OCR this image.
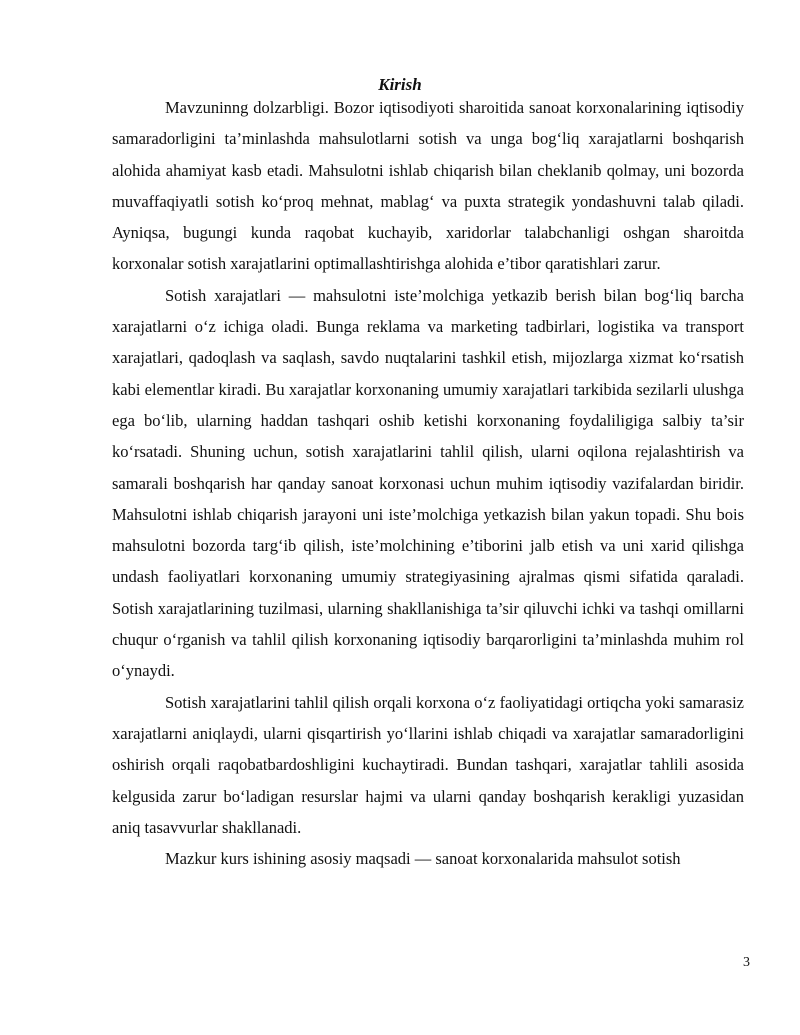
Kirish

Mavzuninng dolzarbligi. Bozor iqtisodiyoti sharoitida sanoat korxonalarining iqtisodiy samaradorligini ta’minlashda mahsulotlarni sotish va unga bog‘liq xarajatlarni boshqarish alohida ahamiyat kasb etadi. Mahsulotni ishlab chiqarish bilan cheklanib qolmay, uni bozorda muvaffaqiyatli sotish ko‘proq mehnat, mablag‘ va puxta strategik yondashuvni talab qiladi. Ayniqsa, bugungi kunda raqobat kuchayib, xaridorlar talabchanligi oshgan sharoitda korxonalar sotish xarajatlarini optimallashtirishga alohida e’tibor qaratishlari zarur.

Sotish xarajatlari — mahsulotni iste’molchiga yetkazib berish bilan bog‘liq barcha xarajatlarni o‘z ichiga oladi. Bunga reklama va marketing tadbirlari, logistika va transport xarajatlari, qadoqlash va saqlash, savdo nuqtalarini tashkil etish, mijozlarga xizmat ko‘rsatish kabi elementlar kiradi. Bu xarajatlar korxonaning umumiy xarajatlari tarkibida sezilarli ulushga ega bo‘lib, ularning haddan tashqari oshib ketishi korxonaning foydaliligiga salbiy ta’sir ko‘rsatadi. Shuning uchun, sotish xarajatlarini tahlil qilish, ularni oqilona rejalashtirish va samarali boshqarish har qanday sanoat korxonasi uchun muhim iqtisodiy vazifalardan biridir. Mahsulotni ishlab chiqarish jarayoni uni iste’molchiga yetkazish bilan yakun topadi. Shu bois mahsulotni bozorda targ‘ib qilish, iste’molchining e’tiborini jalb etish va uni xarid qilishga undash faoliyatlari korxonaning umumiy strategiyasining ajralmas qismi sifatida qaraladi. Sotish xarajatlarining tuzilmasi, ularning shakllanishiga ta’sir qiluvchi ichki va tashqi omillarni chuqur o‘rganish va tahlil qilish korxonaning iqtisodiy barqarorligini ta’minlashda muhim rol o‘ynaydi.

Sotish xarajatlarini tahlil qilish orqali korxona o‘z faoliyatidagi ortiqcha yoki samarasiz xarajatlarni aniqlaydi, ularni qisqartirish yo‘llarini ishlab chiqadi va xarajatlar samaradorligini oshirish orqali raqobatbardoshligini kuchaytiradi. Bundan tashqari, xarajatlar tahlili asosida kelgusida zarur bo‘ladigan resurslar hajmi va ularni qanday boshqarish kerakligi yuzasidan aniq tasavvurlar shakllanadi.

Mazkur kurs ishining asosiy maqsadi — sanoat korxonalarida mahsulot sotish

3
